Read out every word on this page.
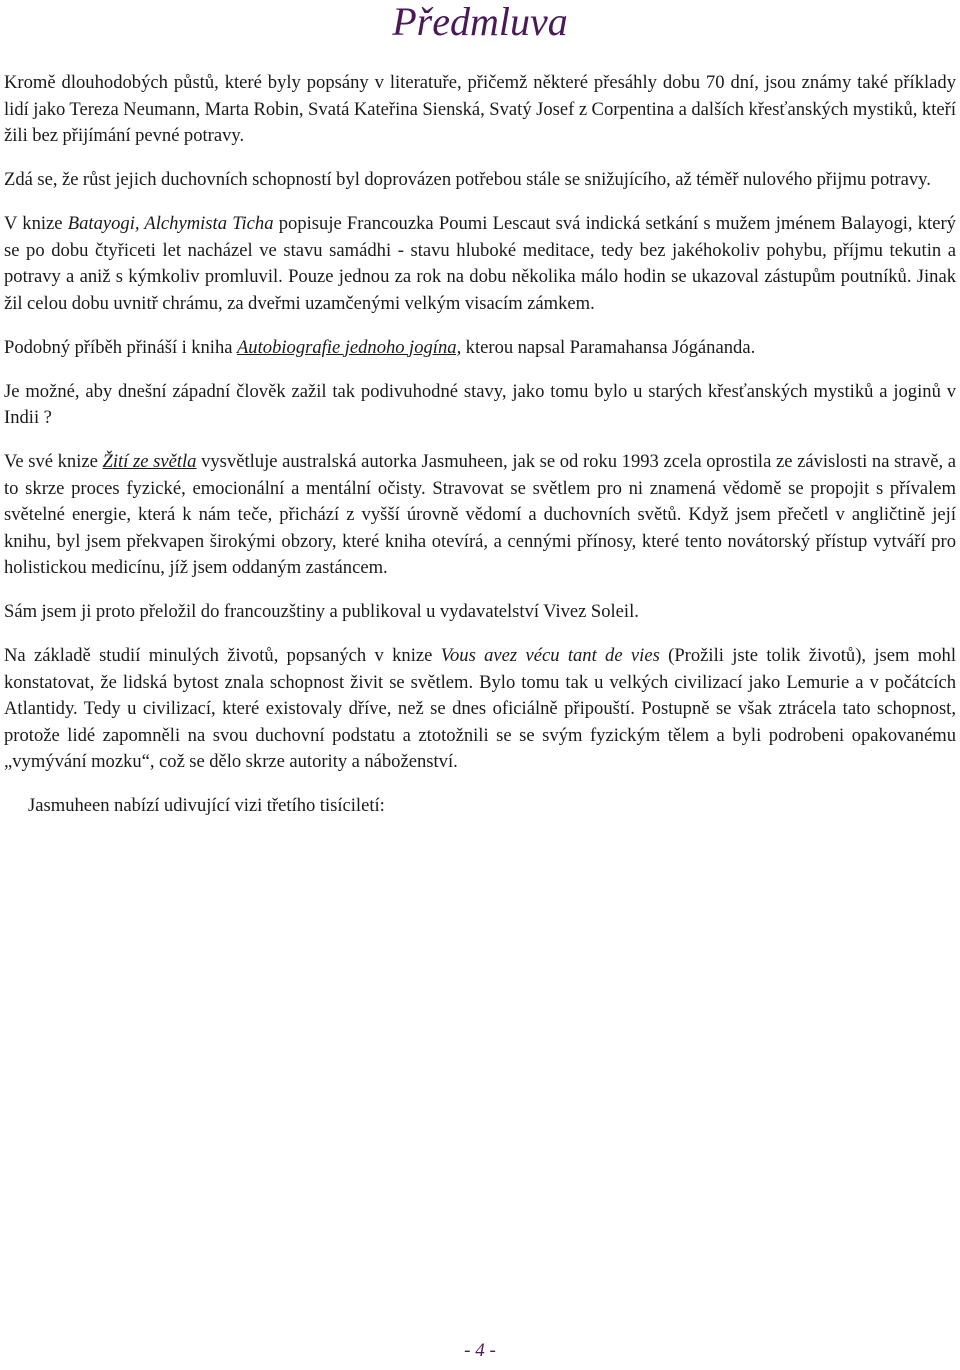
Předmluva

Kromě dlouhodobých půstů, které byly popsány v literatuře, přičemž některé přesáhly dobu 70 dní, jsou známy také příklady lidí jako Tereza Neumann, Marta Robin, Svatá Kateřina Sienská, Svatý Josef z Corpentina a dalších křesťanských mystiků, kteří žili bez přijímání pevné potravy.

Zdá se, že růst jejich duchovních schopností byl doprovázen potřebou stále se snižujícího, až téměř nulového přijmu potravy.

V knize Batayogi, Alchymista Ticha popisuje Francouzka Poumi Lescaut svá indická setkání s mužem jménem Balayogi, který se po dobu čtyřiceti let nacházel ve stavu samádhi - stavu hluboké meditace, tedy bez jakéhokoliv pohybu, příjmu tekutin a potravy a aniž s kýmkoliv promluvil. Pouze jednou za rok na dobu několika málo hodin se ukazoval zástupům poutníků. Jinak žil celou dobu uvnitř chrámu, za dveřmi uzamčenými velkým visacím zámkem.

Podobný příběh přináší i kniha Autobiografie jednoho jogína, kterou napsal Paramahansa Jógánanda.

Je možné, aby dnešní západní člověk zažil tak podivuhodné stavy, jako tomu bylo u starých křesťanských mystiků a joginů v Indii ?

Ve své knize Žití ze světla vysvětluje australská autorka Jasmuheen, jak se od roku 1993 zcela oprostila ze závislosti na stravě, a to skrze proces fyzické, emocionální a mentální očisty. Stravovat se světlem pro ni znamená vědomě se propojit s přívalem světelné energie, která k nám teče, přichází z vyšší úrovně vědomí a duchovních světů. Když jsem přečetl v angličtině její knihu, byl jsem překvapen širokými obzory, které kniha otevírá, a cennými přínosy, které tento novátorský přístup vytváří pro holistickou medicínu, jíž jsem oddaným zastáncem.

Sám jsem ji proto přeložil do francouzštiny a publikoval u vydavatelství Vivez Soleil.

Na základě studií minulých životů, popsaných v knize Vous avez vécu tant de vies (Prožili jste tolik životů), jsem mohl konstatovat, že lidská bytost znala schopnost živit se světlem. Bylo tomu tak u velkých civilizací jako Lemurie a v počátcích Atlantidy. Tedy u civilizací, které existovaly dříve, než se dnes oficiálně připouští. Postupně se však ztrácela tato schopnost, protože lidé zapomněli na svou duchovní podstatu a ztotožnili se se svým fyzickým tělem a byli podrobeni opakovanému „vymývání mozku“, což se dělo skrze autority a náboženství.

Jasmuheen nabízí udivující vizi třetího tisíciletí:

- 4 -
